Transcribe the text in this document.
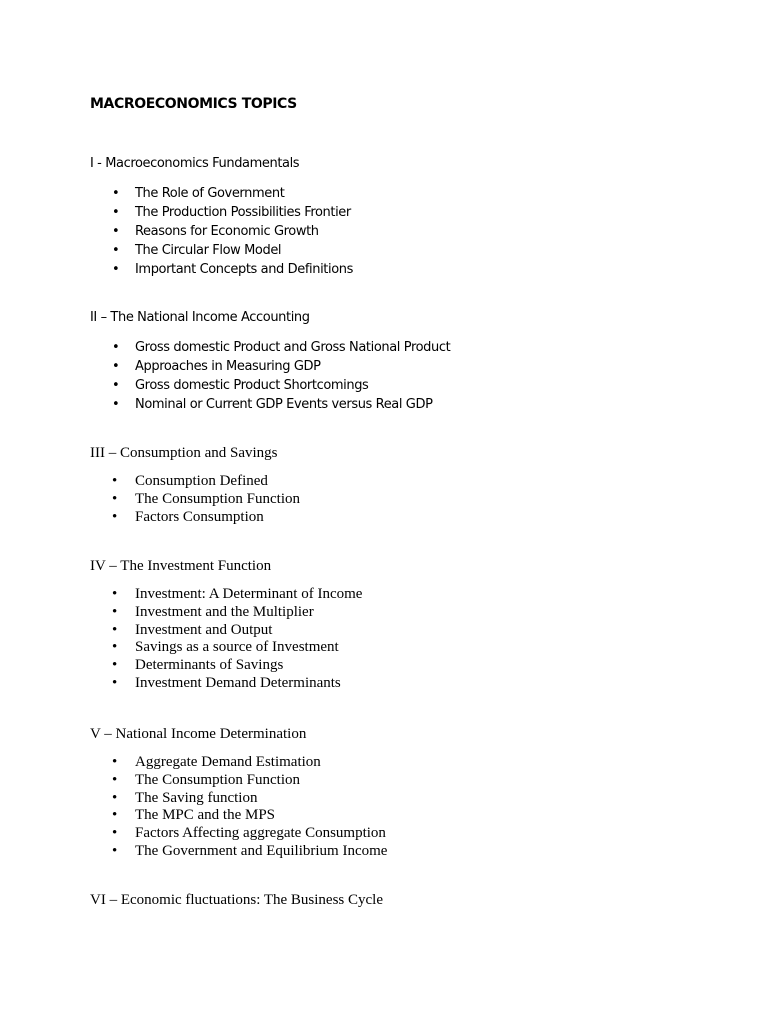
MACROECONOMICS TOPICS

I - Macroeconomics Fundamentals

• The Role of Government
• The Production Possibilities Frontier
• Reasons for Economic Growth
• The Circular Flow Model
• Important Concepts and Definitions

II – The National Income Accounting

• Gross domestic Product and Gross National Product
• Approaches in Measuring GDP
• Gross domestic Product Shortcomings
• Nominal or Current GDP Events versus Real GDP

III – Consumption and Savings

• Consumption Defined
• The Consumption Function
• Factors Consumption

IV – The Investment Function

• Investment: A Determinant of Income
• Investment and the Multiplier
• Investment and Output
• Savings as a source of Investment
• Determinants of Savings
• Investment Demand Determinants

V – National Income Determination

• Aggregate Demand Estimation
• The Consumption Function
• The Saving function
• The MPC and the MPS
• Factors Affecting aggregate Consumption
• The Government and Equilibrium Income

VI – Economic fluctuations: The Business Cycle
